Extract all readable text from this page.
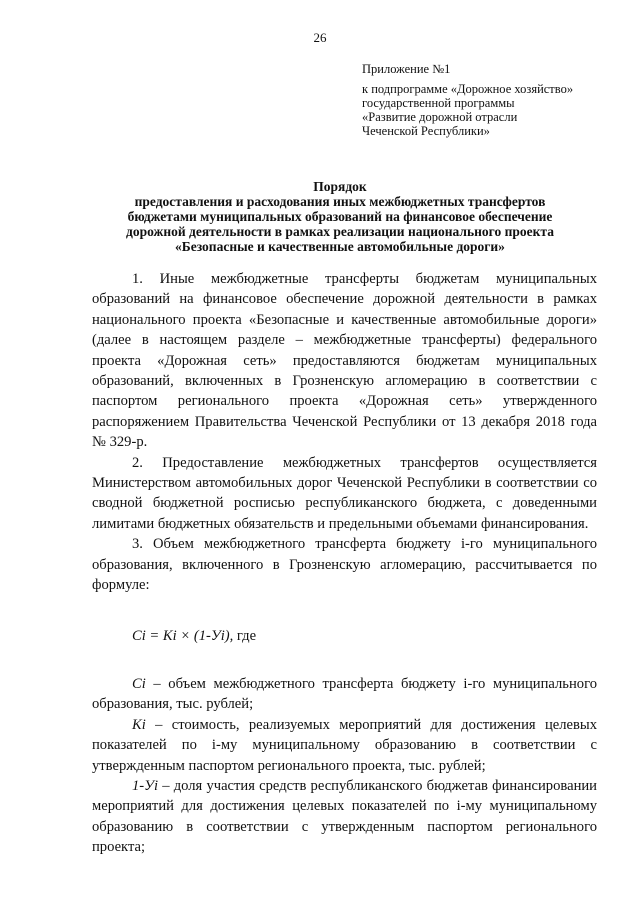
26
Приложение №1
к подпрограмме «Дорожное хозяйство»
государственной программы
«Развитие дорожной отрасли
Чеченской Республики»
Порядок
предоставления и расходования иных межбюджетных трансфертов
бюджетами муниципальных образований на финансовое обеспечение
дорожной деятельности в рамках реализации национального проекта
«Безопасные и качественные автомобильные дороги»

1. Иные межбюджетные трансферты бюджетам муниципальных образований на финансовое обеспечение дорожной деятельности в рамках национального проекта «Безопасные и качественные автомобильные дороги» (далее в настоящем разделе – межбюджетные трансферты) федерального проекта «Дорожная сеть» предоставляются бюджетам муниципальных образований, включенных в Грозненскую агломерацию в соответствии с паспортом регионального проекта «Дорожная сеть» утвержденного распоряжением Правительства Чеченской Республики от 13 декабря 2018 года № 329-р.

2. Предоставление межбюджетных трансфертов осуществляется Министерством автомобильных дорог Чеченской Республики в соответствии со сводной бюджетной росписью республиканского бюджета, с доведенными лимитами бюджетных обязательств и предельными объемами финансирования.

3. Объем межбюджетного трансферта бюджету i-го муниципального образования, включенного в Грозненскую агломерацию, рассчитывается по формуле:

Ci = Ki × (1-Уi), где

Ci – объем межбюджетного трансферта бюджету i-го муниципального образования, тыс. рублей;

Ki – стоимость, реализуемых мероприятий для достижения целевых показателей по i-му муниципальному образованию в соответствии с утвержденным паспортом регионального проекта, тыс. рублей;

1-Уi – доля участия средств республиканского бюджетав финансировании мероприятий для достижения целевых показателей по i-му муниципальному образованию в соответствии с утвержденным паспортом регионального проекта;
